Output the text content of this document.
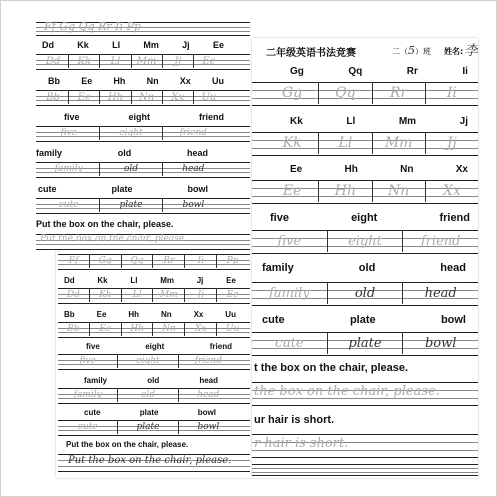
Ff Gg Qq Rr Ii Pp
Dd	Kk	Ll	Mm	Jj	Ee
Dd	Kk	Ll	Mm	Jj	Ee
Bb Ee Hh Nn Xx Uu
Bb	Ee	Hh	Nn	Xx	Uu
five	eight	friend
five	eight	friend
family	old	head
family	old	head
cute	plate	bowl
cute	plate	bowl
Put the box on the chair, please.
Put the box on the chair, please.
Ff	Gg	Qq	Rr	Ii	Pp
Dd	Kk	Ll	Mm	Jj	Ee
Dd	Kk	Ll	Mm	Jj	Ee
Bb	Ee	Hh	Nn	Xx	Uu
Bb	Ee	Hh	Nn	Xx	Uu
five	eight	friend
five	eight	friend
family	old	head
family	old	head
cute	plate	bowl
cute	plate	bowl
Put the box on the chair, please.
Put the box on the chair, please.
二年级英语书法竞赛	二（5）班 姓名: 李
Gg	Qq	Rr	Ii
Gg	Qq	Rr	Ii
Kk	Ll	Mm	Jj
Kk	Ll	Mm	Jj
Ee	Hh	Nn	Xx
Ee	Hh	Nn	Xx
five	eight	friend
five	eight	friend
family	old	head
family	old	head
cute	plate	bowl
cute	plate	bowl
t the box on the chair, please.
the box on the chair, please.
ur hair is short.
r hair is short.
